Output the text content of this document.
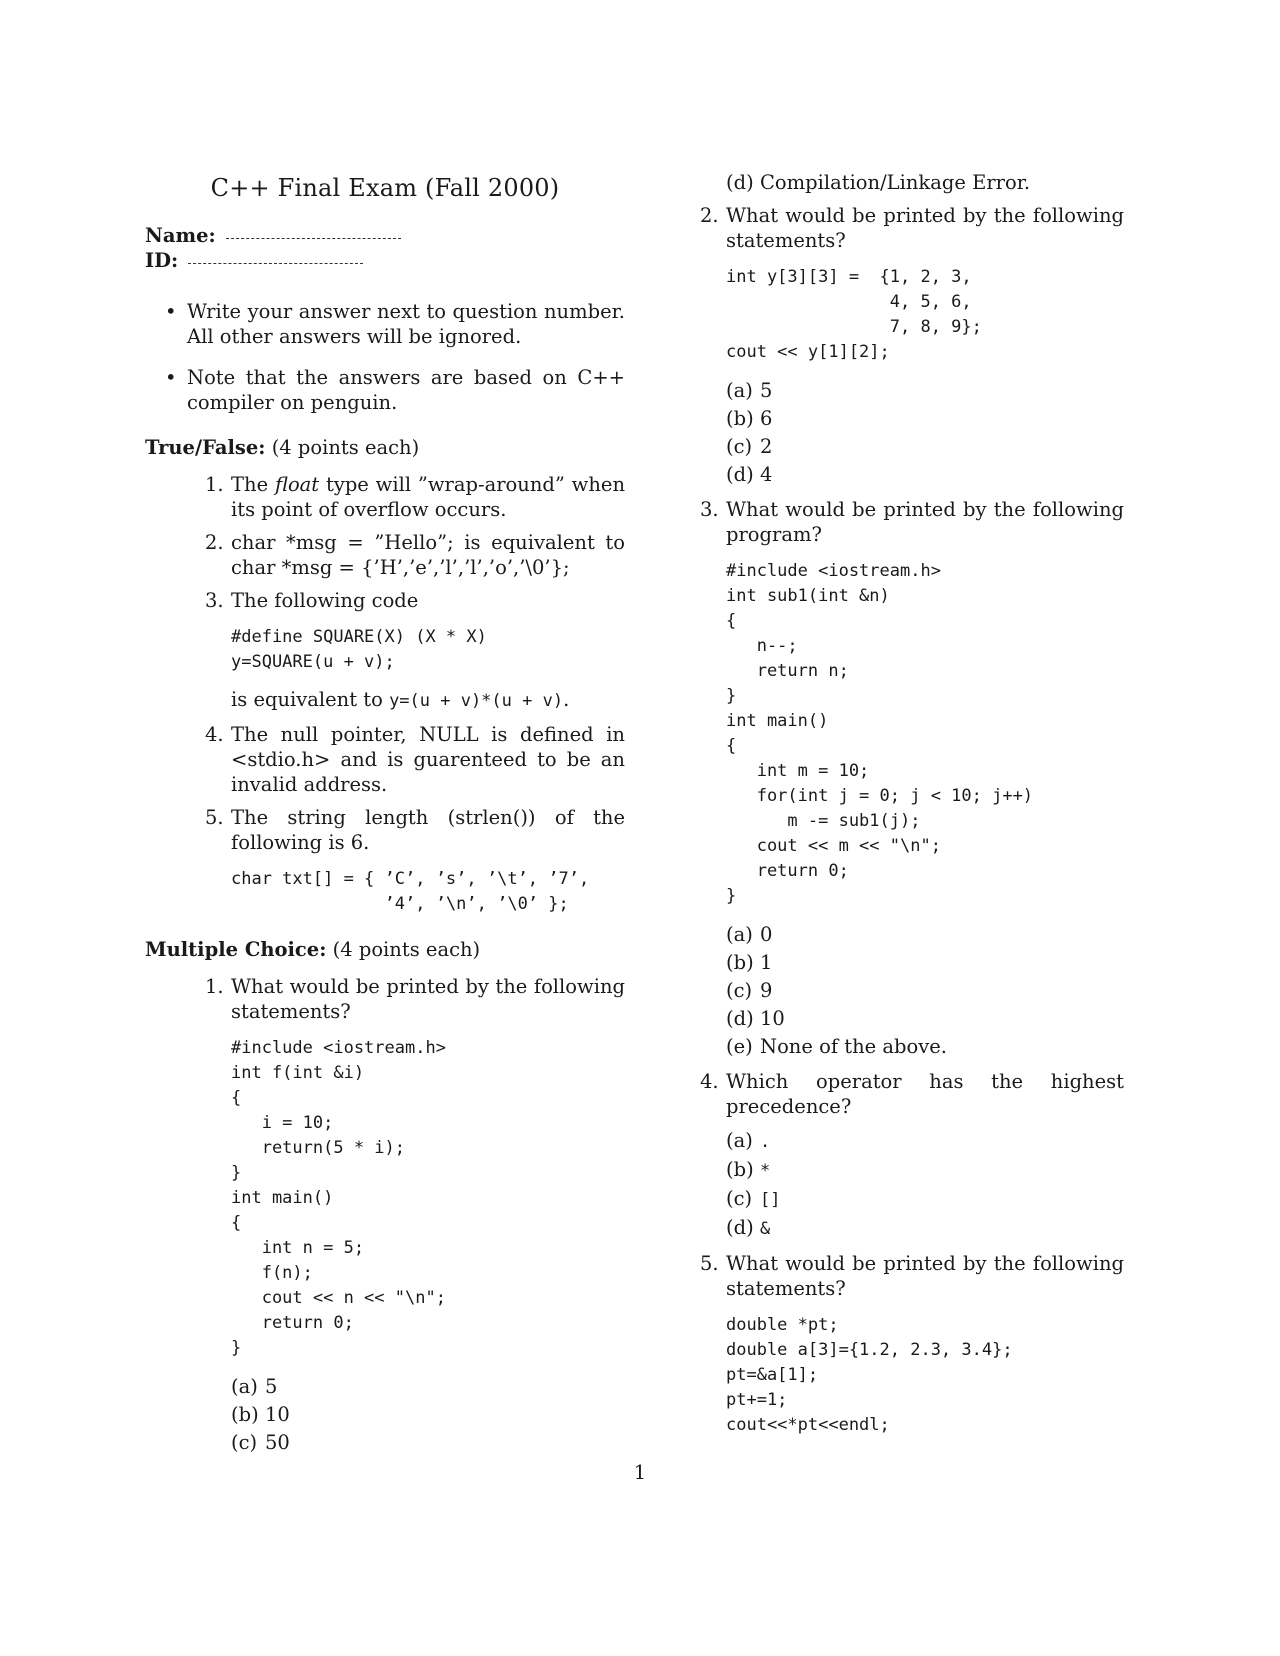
C++ Final Exam (Fall 2000)
Name:
ID:
• Write your answer next to question number. All other answers will be ignored.
• Note that the answers are based on C++ compiler on penguin.
True/False: (4 points each)
1. The float type will ”wrap-around” when its point of overflow occurs.
2. char *msg = ”Hello”; is equivalent to char *msg = {’H’,’e’,’l’,’l’,’o’,’\0’};
3. The following code
#define SQUARE(X) (X * X)
y=SQUARE(u + v);
is equivalent to y=(u + v)*(u + v).
4. The null pointer, NULL is defined in <stdio.h> and is guarenteed to be an invalid address.
5. The string length (strlen()) of the following is 6.
char txt[] = { ’C’, ’s’, ’\t’, ’7’,
’4’, ’\n’, ’\0’ };
Multiple Choice: (4 points each)
1. What would be printed by the following statements?
#include <iostream.h>
int f(int &i)
{
i = 10;
return(5 * i);
}
int main()
{
int n = 5;
f(n);
cout << n << "\n";
return 0;
}
(a) 5
(b) 10
(c) 50
(d) Compilation/Linkage Error.
2. What would be printed by the following statements?
int y[3][3] =  {1, 2, 3,
4, 5, 6,
7, 8, 9};
cout << y[1][2];
(a) 5
(b) 6
(c) 2
(d) 4
3. What would be printed by the following program?
#include <iostream.h>
int sub1(int &n)
{
n--;
return n;
}
int main()
{
int m = 10;
for(int j = 0; j < 10; j++)
m -= sub1(j);
cout << m << "\n";
return 0;
}
(a) 0
(b) 1
(c) 9
(d) 10
(e) None of the above.
4. Which operator has the highest precedence?
(a) .
(b) *
(c) []
(d) &
5. What would be printed by the following statements?
double *pt;
double a[3]={1.2, 2.3, 3.4};
pt=&a[1];
pt+=1;
cout<<*pt<<endl;
1
